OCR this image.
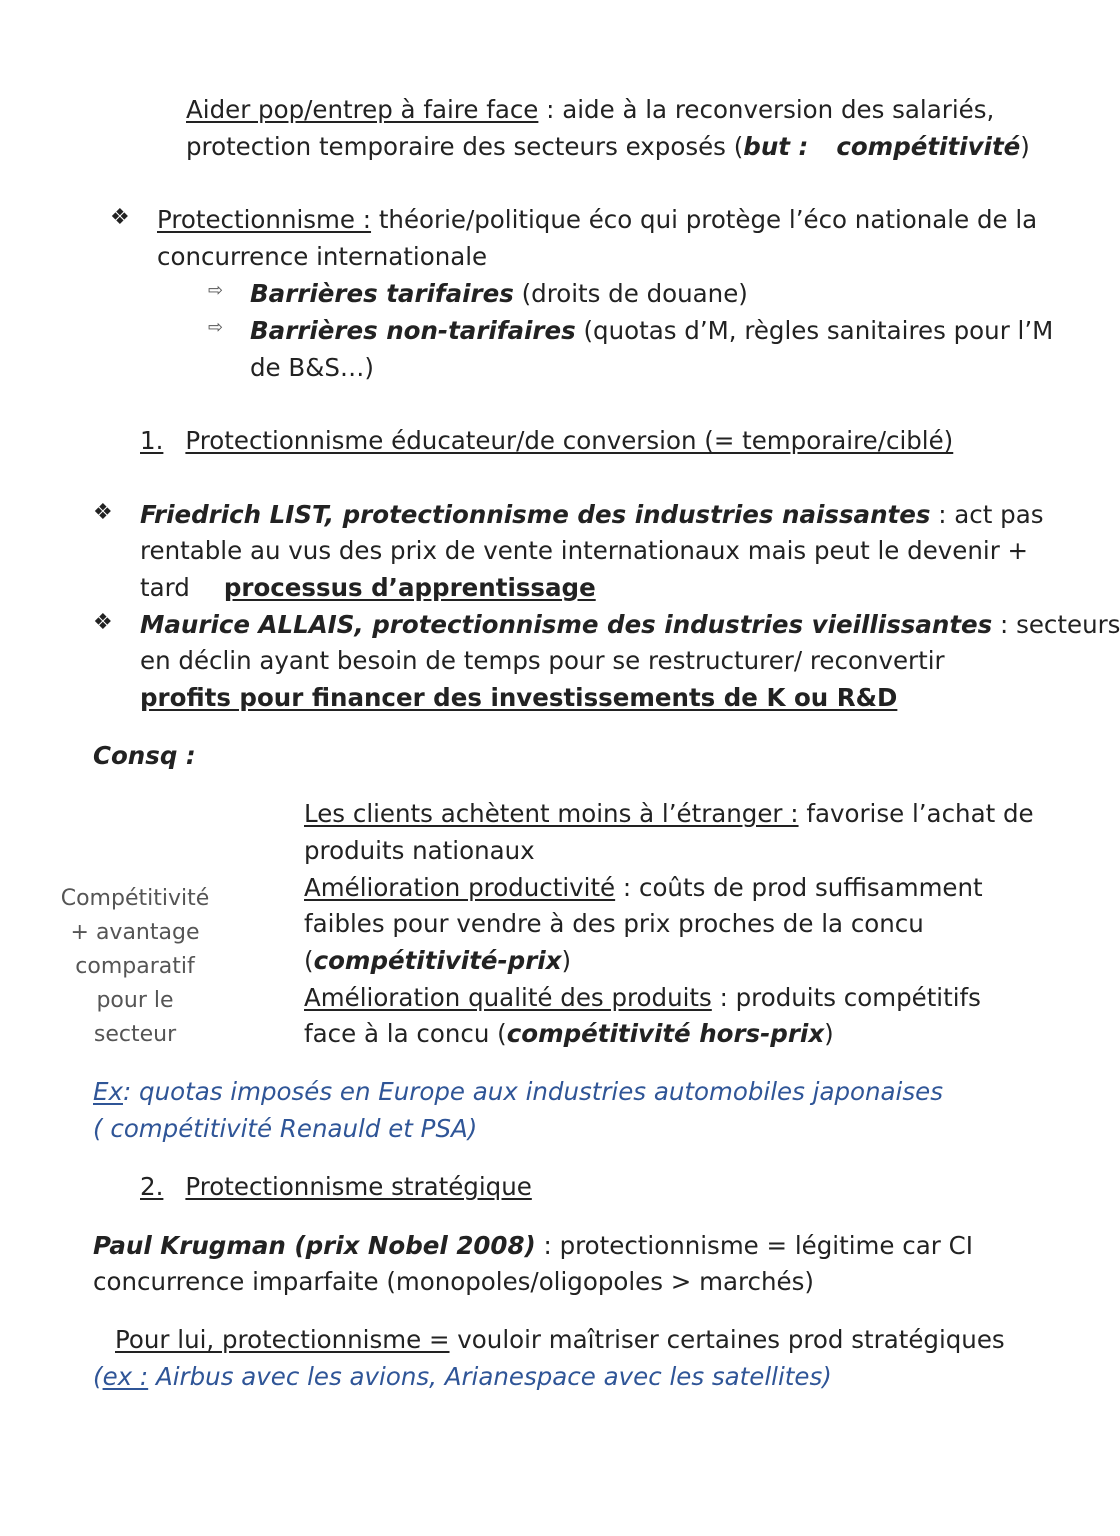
Aider pop/entrep à faire face : aide à la reconversion des salariés,
protection temporaire des secteurs exposés (but : compétitivité)
❖ Protectionnisme : théorie/politique éco qui protège l’éco nationale de la
concurrence internationale
⇨ Barrières tarifaires (droits de douane)
⇨ Barrières non-tarifaires (quotas d’M, règles sanitaires pour l’M
de B&S…)
1. Protectionnisme éducateur/de conversion (= temporaire/ciblé)
❖ Friedrich LIST, protectionnisme des industries naissantes : act pas
rentable au vus des prix de vente internationaux mais peut le devenir +
tard processus d’apprentissage
❖ Maurice ALLAIS, protectionnisme des industries vieillissantes : secteurs
en déclin ayant besoin de temps pour se restructurer/ reconvertir
profits pour financer des investissements de K ou R&D
Consq :
Compétitivité
+ avantage
comparatif
pour le
secteur
Les clients achètent moins à l’étranger : favorise l’achat de
produits nationaux
Amélioration productivité : coûts de prod suffisamment
faibles pour vendre à des prix proches de la concu
(compétitivité-prix)
Amélioration qualité des produits : produits compétitifs
face à la concu (compétitivité hors-prix)
Ex: quotas imposés en Europe aux industries automobiles japonaises
( compétitivité Renauld et PSA)
2. Protectionnisme stratégique
Paul Krugman (prix Nobel 2008) : protectionnisme = légitime car CI
concurrence imparfaite (monopoles/oligopoles > marchés)
Pour lui, protectionnisme = vouloir maîtriser certaines prod stratégiques
(ex : Airbus avec les avions, Arianespace avec les satellites)
